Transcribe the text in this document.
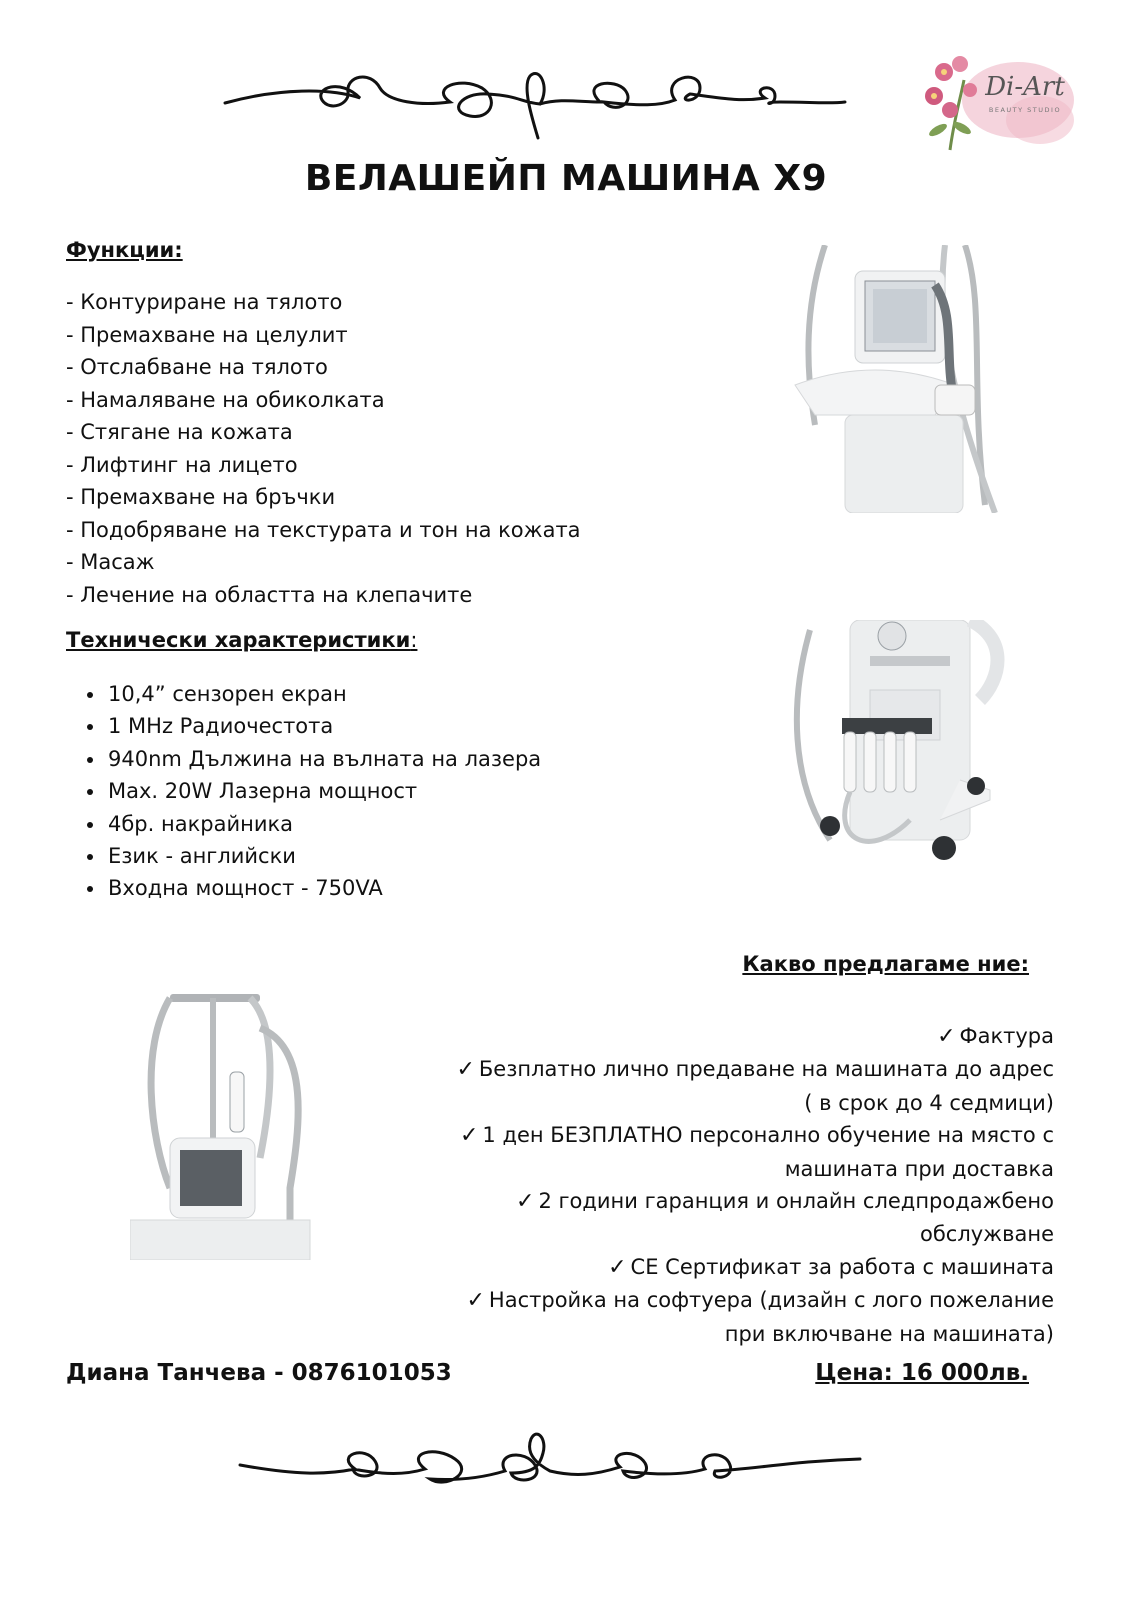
Di-Art
BEAUTY STUDIO
ВЕЛАШЕЙП МАШИНА X9
Функции:
- Контуриране на тялото
- Премахване на целулит
- Отслабване на тялото
- Намаляване на обиколката
- Стягане на кожата
- Лифтинг на лицето
- Премахване на бръчки
- Подобряване на текстурата и тон на кожата
- Масаж
- Лечение на областта на клепачите
Технически характеристики:
• 10,4” сензорен екран
• 1 MHz Радиочестота
• 940nm Дължина на вълната на лазера
• Max. 20W Лазерна мощност
• 4бр. накрайника
• Език - английски
• Входна мощност - 750VA
Какво предлагаме ние:
✓ Фактура
✓ Безплатно лично предаване на машината до адрес
( в срок до 4 седмици)
✓ 1 ден БЕЗПЛАТНО персонално обучение на място с
машината при доставка
✓ 2 години гаранция и онлайн следпродажбено
обслужване
✓ CE Сертификат за работа с машината
✓ Настройка на софтуера (дизайн с лого пожелание
при включване на машината)
Диана Танчева - 0876101053	Цена: 16 000лв.
